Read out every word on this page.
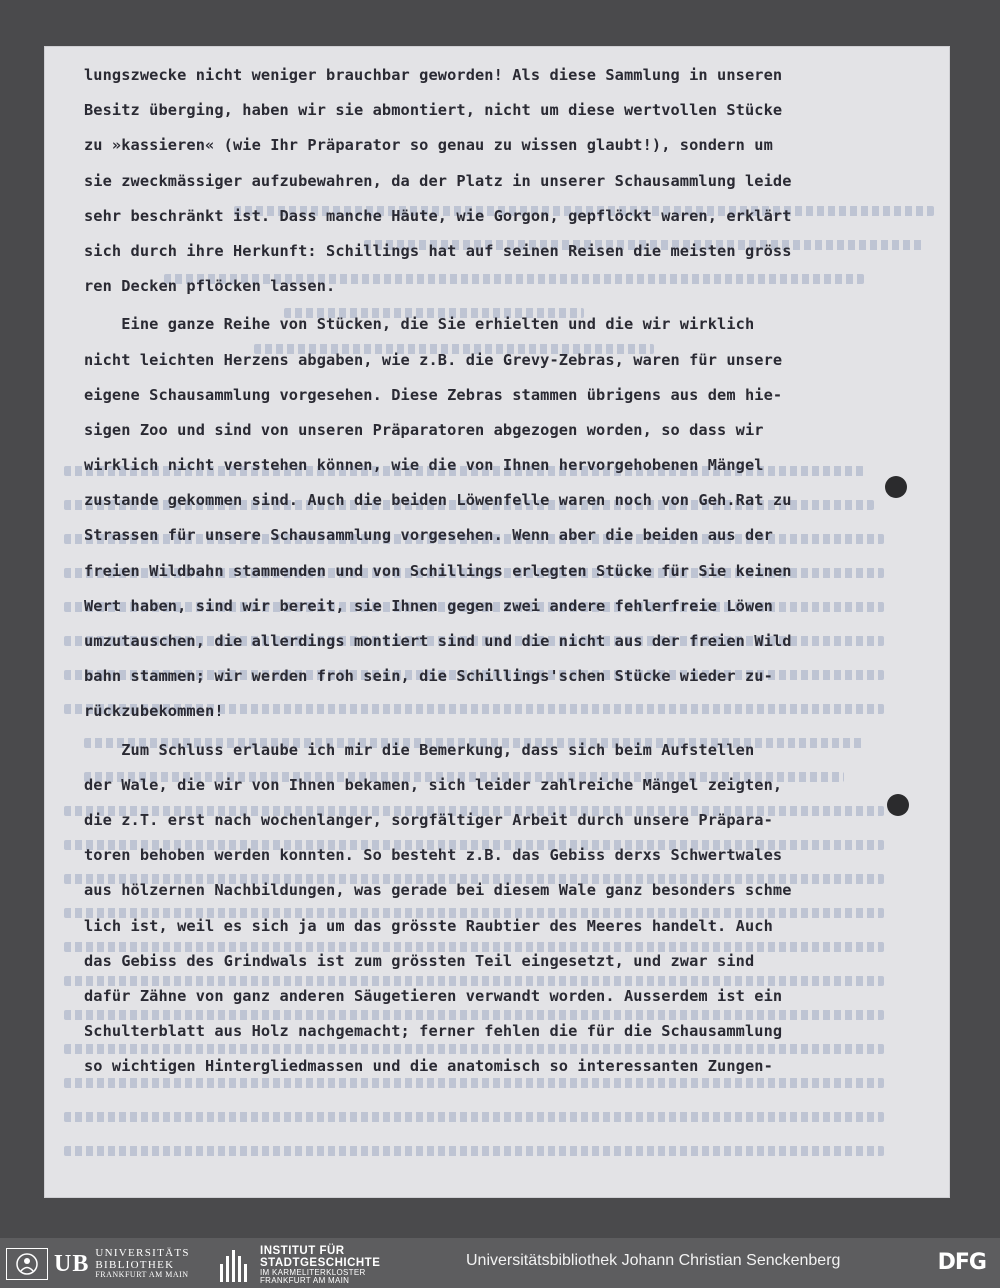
lungszwecke nicht weniger brauchbar geworden! Als diese Sammlung in unseren
Besitz überging, haben wir sie abmontiert, nicht um diese wertvollen Stücke
zu »kassieren« (wie Ihr Präparator so genau zu wissen glaubt!), sondern um
sie zweckmässiger aufzubewahren, da der Platz in unserer Schausammlung leide
sehr beschränkt ist. Dass manche Häute, wie Gorgon, gepflöckt waren, erklärt
sich durch ihre Herkunft: Schillings hat auf seinen Reisen die meisten gröss
ren Decken pflöcken lassen.
Eine ganze Reihe von Stücken, die Sie erhielten und die wir wirklich
nicht leichten Herzens abgaben, wie z.B. die Grevy-Zebras, waren für unsere
eigene Schausammlung vorgesehen. Diese Zebras stammen übrigens aus dem hie-
sigen Zoo und sind von unseren Präparatoren abgezogen worden, so dass wir
wirklich nicht verstehen können, wie die von Ihnen hervorgehobenen Mängel
zustande gekommen sind. Auch die beiden Löwenfelle waren noch von Geh.Rat zu
Strassen für unsere Schausammlung vorgesehen. Wenn aber die beiden aus der
freien Wildbahn stammenden und von Schillings erlegten Stücke für Sie keinen
Wert haben, sind wir bereit, sie Ihnen gegen zwei andere fehlerfreie Löwen
umzutauschen, die allerdings montiert sind und die nicht aus der freien Wild
bahn stammen; wir werden froh sein, die Schillings'schen Stücke wieder zu-
rückzubekommen!
Zum Schluss erlaube ich mir die Bemerkung, dass sich beim Aufstellen
der Wale, die wir von Ihnen bekamen, sich leider zahlreiche Mängel zeigten,
die z.T. erst nach wochenlanger, sorgfältiger Arbeit durch unsere Präpara-
toren behoben werden konnten. So besteht z.B. das Gebiss derxs Schwertwales
aus hölzernen Nachbildungen, was gerade bei diesem Wale ganz besonders schme
lich ist, weil es sich ja um das grösste Raubtier des Meeres handelt. Auch
das Gebiss des Grindwals ist zum grössten Teil eingesetzt, und zwar sind
dafür Zähne von ganz anderen Säugetieren verwandt worden. Ausserdem ist ein
Schulterblatt aus Holz nachgemacht; ferner fehlen die für die Schausammlung
so wichtigen Hintergliedmassen und die anatomisch so interessanten Zungen-
UB UNIVERSITÄTS
BIBLIOTHEK
FRANKFURT AM MAIN
INSTITUT FÜR
STADTGESCHICHTE
IM KARMELITERKLOSTER
FRANKFURT AM MAIN
Universitätsbibliothek Johann Christian Senckenberg	DFG
